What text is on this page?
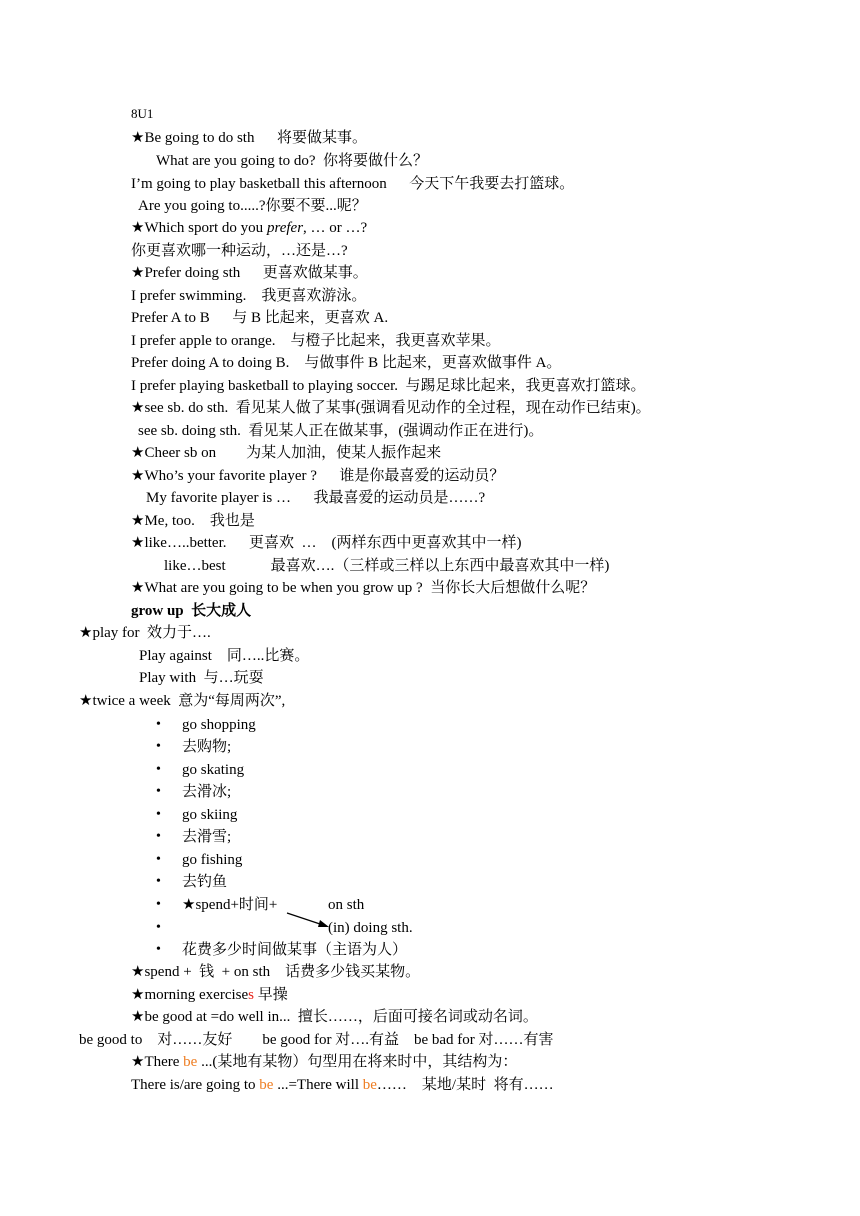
8U1
★Be going to do sth      将要做某事。
What are you going to do?  你将要做什么？
I’m going to play basketball this afternoon      今天下午我要去打篮球。
Are you going to.....?你要不要...呢？
★Which sport do you prefer, … or …?
你更喜欢哪一种运动，…还是…?
★Prefer doing sth      更喜欢做某事。
I prefer swimming.    我更喜欢游泳。
Prefer A to B      与 B 比起来，更喜欢 A.
I prefer apple to orange.    与橙子比起来，我更喜欢苹果。
Prefer doing A to doing B.    与做事件 B 比起来，更喜欢做事件 A。
I prefer playing basketball to playing soccer.  与踢足球比起来，我更喜欢打篮球。
★see sb. do sth.  看见某人做了某事(强调看见动作的全过程，现在动作已结束)。
see sb. doing sth.  看见某人正在做某事，(强调动作正在进行)。
★Cheer sb on        为某人加油，使某人振作起来
★Who’s your favorite player ?      谁是你最喜爱的运动员？
My favorite player is …      我最喜爱的运动员是……?
★Me, too.    我也是
★like…..better.      更喜欢  …    (两样东西中更喜欢其中一样)
like…best            最喜欢….（三样或三样以上东西中最喜欢其中一样)
★What are you going to be when you grow up ?  当你长大后想做什么呢？
grow up  长大成人
★play for  效力于….
Play against    同…..比赛。
Play with  与…玩耍
★twice a week  意为“每周两次”,
•
go shopping
•
去购物;
•
go skating
•
去滑冰;
•
go skiing
•
去滑雪;
•
go fishing
•
去钓鱼
•
★spend+时间+	on sth
•
(in) doing sth.
•
花费多少时间做某事（主语为人）
★spend +  钱  + on sth    话费多少钱买某物。
★morning exercises 早操
★be good at =do well in...  擅长……，后面可接名词或动名词。
be good to    对……友好        be good for 对….有益    be bad for 对……有害
★There be ...(某地有某物）句型用在将来时中，其结构为：
There is/are going to be ...=There will be……    某地/某时  将有……
